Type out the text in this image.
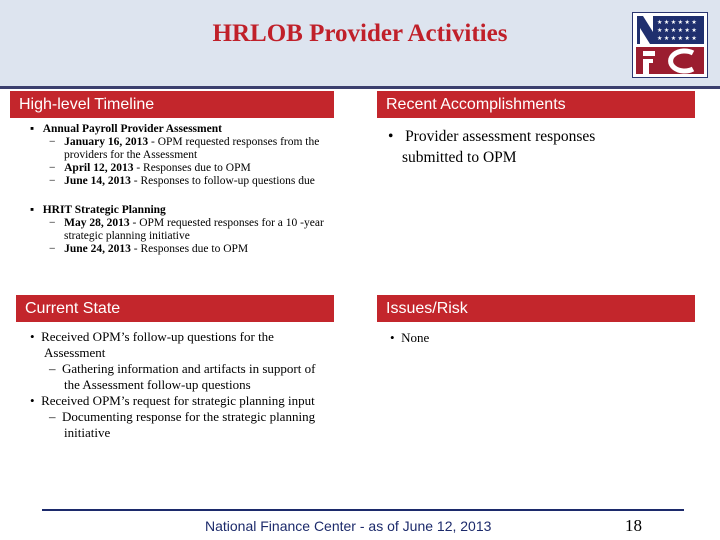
HRLOB Provider Activities	★ ★ ★ ★ ★ ★
★ ★ ★ ★ ★ ★
★ ★ ★ ★ ★ ★
High-level Timeline	Recent Accomplishments

▪   Annual Payroll Provider Assessment

−   January 16, 2013 - OPM requested responses from the providers for the Assessment

−   April 12, 2013 - Responses due to OPM

−   June 14, 2013 - Responses to follow-up questions due

▪   HRIT Strategic Planning

−   May 28, 2013 - OPM requested responses for a 10 -year strategic planning initiative

−   June 24, 2013 - Responses due to OPM

•   Provider assessment responses submitted to OPM

Current State	Issues/Risk

•  Received OPM’s follow-up questions for the Assessment

–  Gathering information and artifacts in support of the Assessment follow-up questions

•  Received OPM’s request for strategic planning input

–  Documenting response for the strategic planning initiative

•  None

National Finance Center - as of June 12, 2013	18
